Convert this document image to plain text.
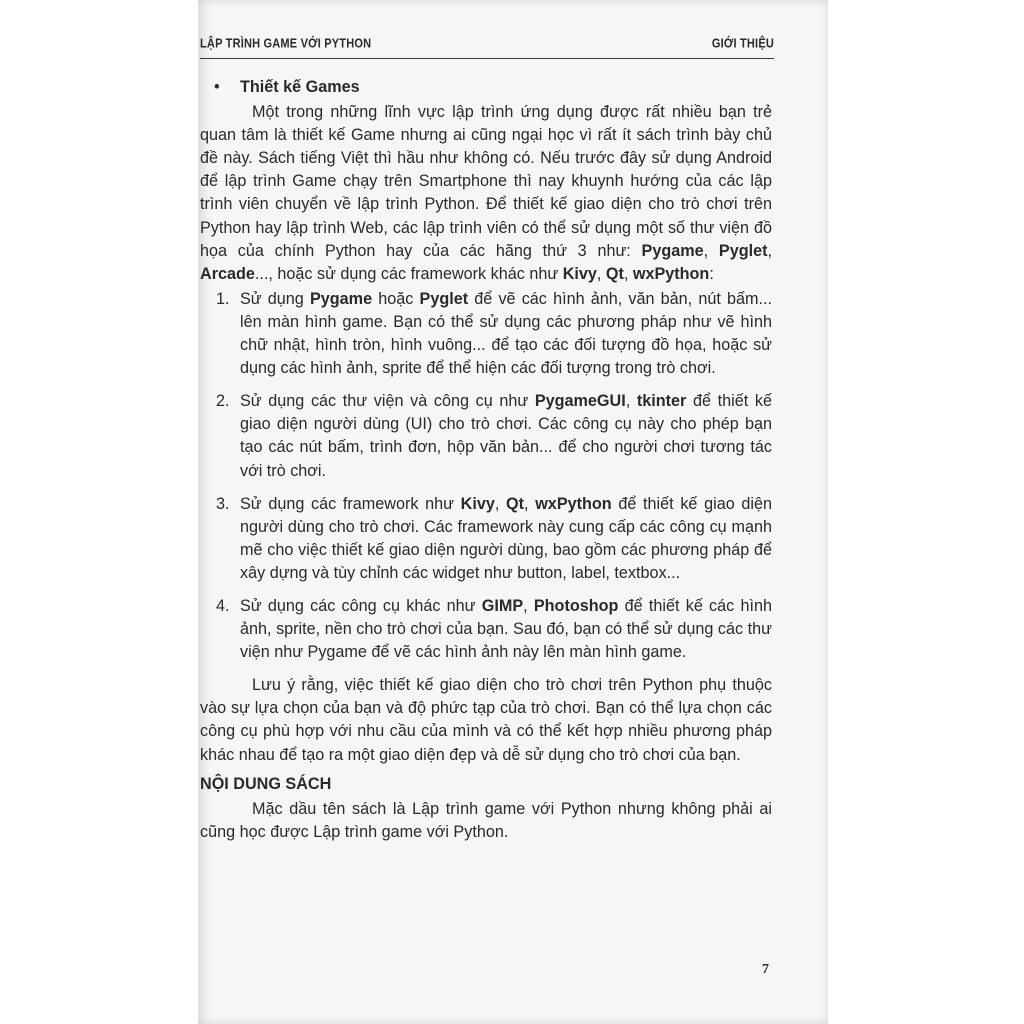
LẬP TRÌNH GAME VỚI PYTHON	GIỚI THIỆU
• Thiết kế Games

Một trong những lĩnh vực lập trình ứng dụng được rất nhiều bạn trẻ quan tâm là thiết kế Game nhưng ai cũng ngại học vì rất ít sách trình bày chủ đề này. Sách tiếng Việt thì hầu như không có. Nếu trước đây sử dụng Android để lập trình Game chạy trên Smartphone thì nay khuynh hướng của các lập trình viên chuyển về lập trình Python. Để thiết kế giao diện cho trò chơi trên Python hay lập trình Web, các lập trình viên có thể sử dụng một số thư viện đồ họa của chính Python hay của các hãng thứ 3 như: Pygame, Pyglet, Arcade..., hoặc sử dụng các framework khác như Kivy, Qt, wxPython:

1. Sử dụng Pygame hoặc Pyglet để vẽ các hình ảnh, văn bản, nút bấm... lên màn hình game. Bạn có thể sử dụng các phương pháp như vẽ hình chữ nhật, hình tròn, hình vuông... để tạo các đối tượng đồ họa, hoặc sử dụng các hình ảnh, sprite để thể hiện các đối tượng trong trò chơi.
2. Sử dụng các thư viện và công cụ như PygameGUI, tkinter để thiết kế giao diện người dùng (UI) cho trò chơi. Các công cụ này cho phép bạn tạo các nút bấm, trình đơn, hộp văn bản... để cho người chơi tương tác với trò chơi.
3. Sử dụng các framework như Kivy, Qt, wxPython để thiết kế giao diện người dùng cho trò chơi. Các framework này cung cấp các công cụ mạnh mẽ cho việc thiết kế giao diện người dùng, bao gồm các phương pháp để xây dựng và tùy chỉnh các widget như button, label, textbox...
4. Sử dụng các công cụ khác như GIMP, Photoshop để thiết kế các hình ảnh, sprite, nền cho trò chơi của bạn. Sau đó, bạn có thể sử dụng các thư viện như Pygame để vẽ các hình ảnh này lên màn hình game.

Lưu ý rằng, việc thiết kế giao diện cho trò chơi trên Python phụ thuộc vào sự lựa chọn của bạn và độ phức tạp của trò chơi. Bạn có thể lựa chọn các công cụ phù hợp với nhu cầu của mình và có thể kết hợp nhiều phương pháp khác nhau để tạo ra một giao diện đẹp và dễ sử dụng cho trò chơi của bạn.

NỘI DUNG SÁCH

Mặc dầu tên sách là Lập trình game với Python nhưng không phải ai cũng học được Lập trình game với Python.

7
